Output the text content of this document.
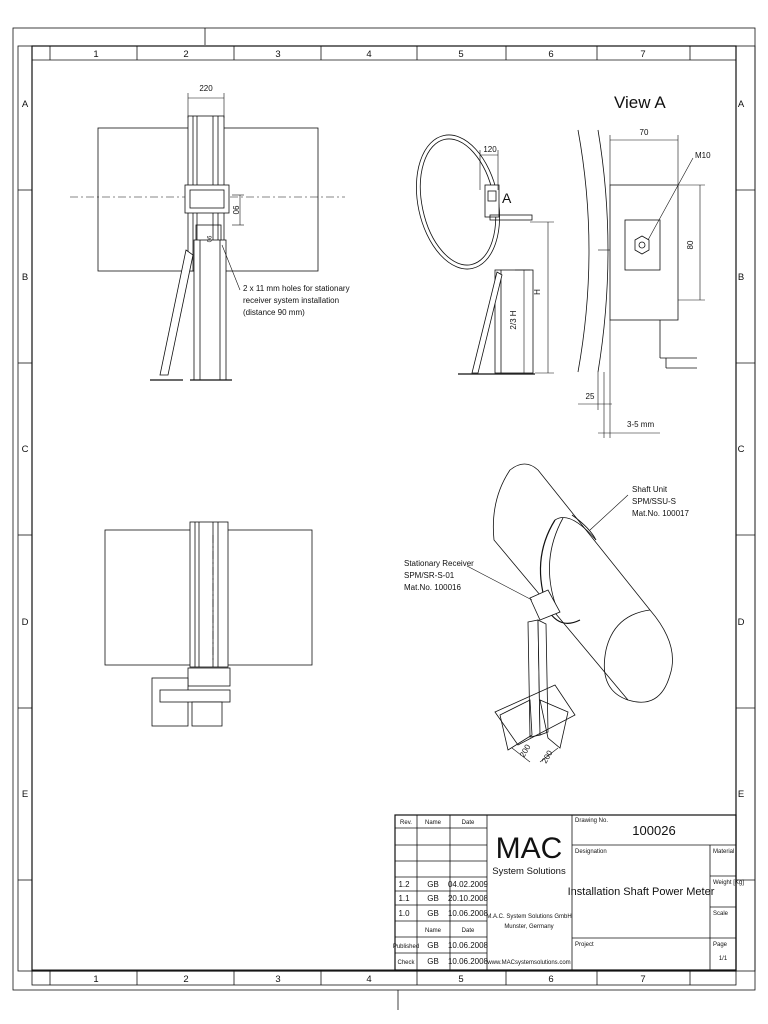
1	2	3	4	5	6	7
1	2	3	4	5	6	7
A
B
C
D
E
A
B
C
D
E
220
90
90
2 x 11 mm holes for stationary
receiver system installation
(distance 90 mm)
120
A
H
2/3 H
View A
70
M10
80
25
3-5 mm
200 200
Shaft Unit
SPM/SSU-S
Mat.No. 100017
Stationary Receiver
SPM/SR-S-01
Mat.No. 100016
Rev. Name	Date
1.2 GB 04.02.2009
1.1 GB 20.10.2008
1.0 GB 10.06.2008
Name	Date
Published GB 10.06.2008
Check GB 10.06.2008
MAC
System Solutions
M.A.C. System Solutions GmbH
Munster, Germany
www.MACsystemsolutions.com
Drawing No.
100026
Designation
Installation Shaft Power Meter
Project
Material
Weight [Kg]
Scale
Page
1/1
